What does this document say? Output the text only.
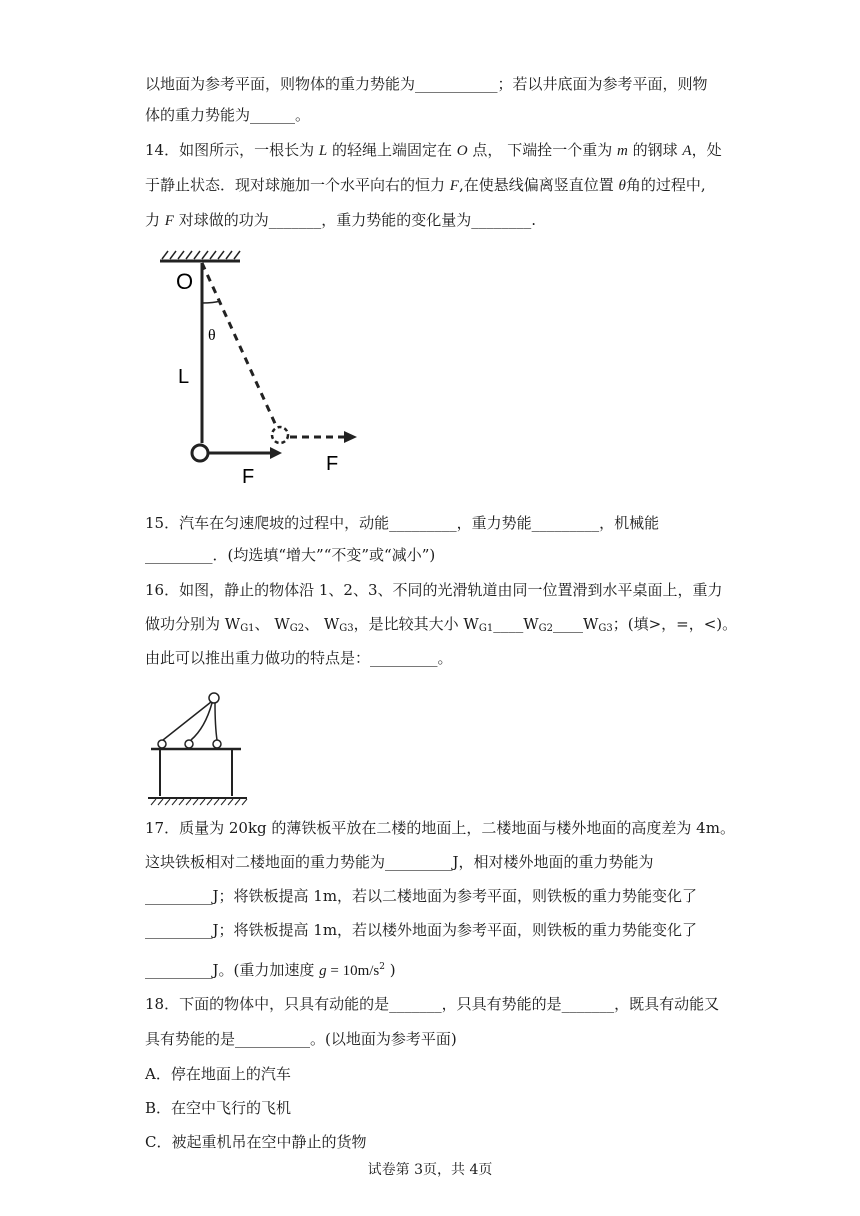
以地面为参考平面，则物体的重力势能为___________；若以井底面为参考平面，则物
体的重力势能为______。
14．如图所示，一根长为 L 的轻绳上端固定在 O 点， 下端拴一个重为 m 的钢球 A，处
于静止状态．现对球施加一个水平向右的恒力 F,在使悬线偏离竖直位置 θ角的过程中,
力 F 对球做的功为_______，重力势能的变化量为________.
θ
O
L
F
F
15．汽车在匀速爬坡的过程中，动能_________，重力势能_________，机械能
_________．(均选填“增大”“不变”或“减小”)
16．如图，静止的物体沿 1、2、3、不同的光滑轨道由同一位置滑到水平桌面上，重力
做功分别为 $W_{G1}$、 $W_{G2}$、 $W_{G3}$，是比较其大小 $W_{G1}\_\_\_\_W_{G2}\_\_\_\_W_{G3}$；(填>，=，<)。
由此可以推出重力做功的特点是：_________。
17．质量为 20kg 的薄铁板平放在二楼的地面上，二楼地面与楼外地面的高度差为 4m。
这块铁板相对二楼地面的重力势能为_________J，相对楼外地面的重力势能为
_________J；将铁板提高 1m，若以二楼地面为参考平面，则铁板的重力势能变化了
_________J；将铁板提高 1m，若以楼外地面为参考平面，则铁板的重力势能变化了
_________J。(重力加速度 $g = 10m/s^2$ )
18．下面的物体中，只具有动能的是_______，只具有势能的是_______，既具有动能又
具有势能的是__________。(以地面为参考平面)
A．停在地面上的汽车
B．在空中飞行的飞机
C．被起重机吊在空中静止的货物
试卷第 3页，共 4页
